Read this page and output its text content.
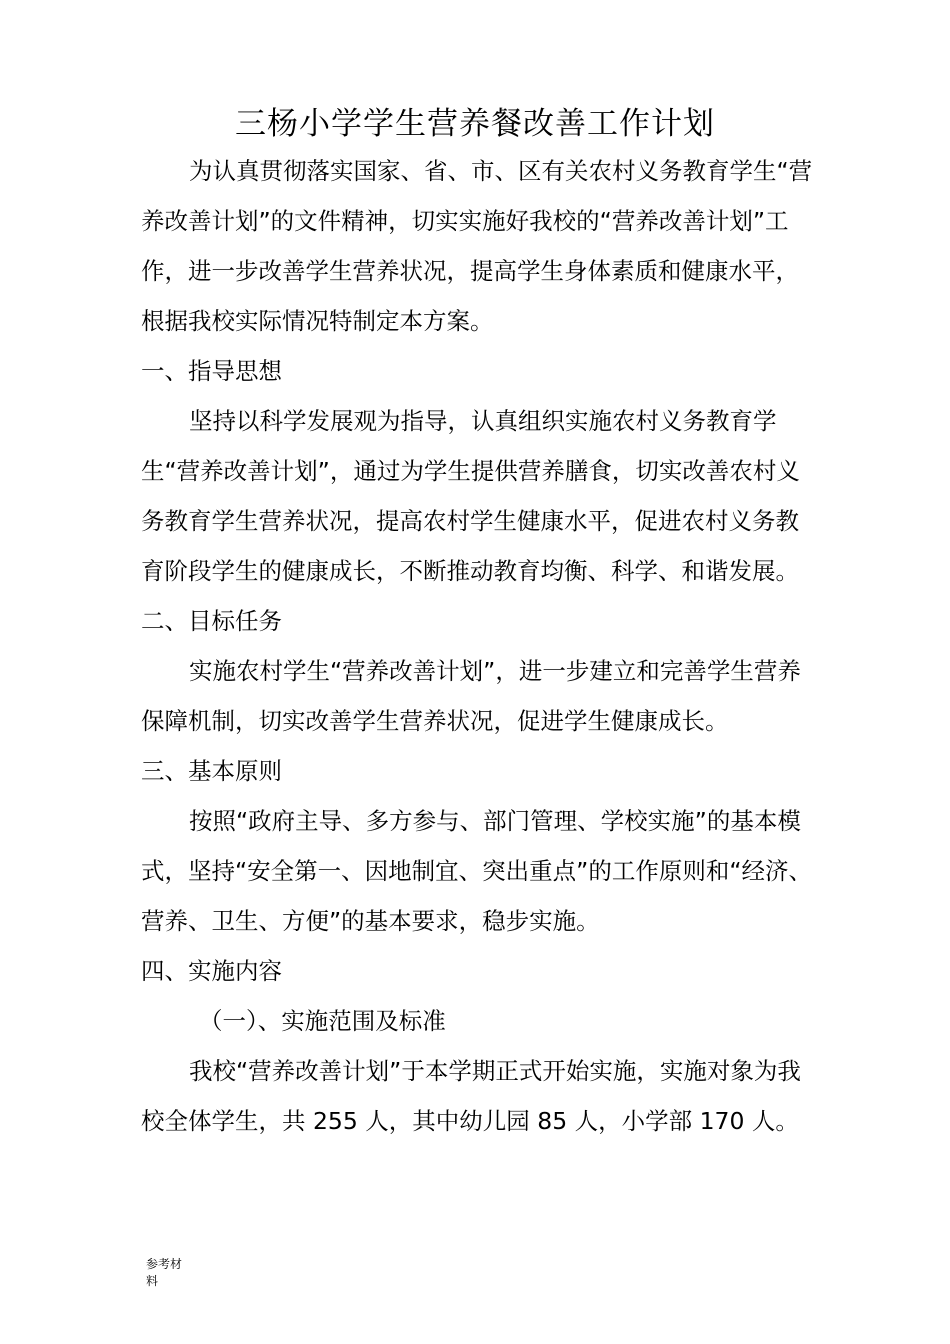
三杨小学学生营养餐改善工作计划

为认真贯彻落实国家、省、市、区有关农村义务教育学生“营养改善计划”的文件精神，切实实施好我校的“营养改善计划”工作，进一步改善学生营养状况，提高学生身体素质和健康水平，根据我校实际情况特制定本方案。

一、指导思想

坚持以科学发展观为指导，认真组织实施农村义务教育学生“营养改善计划”，通过为学生提供营养膳食，切实改善农村义务教育学生营养状况，提高农村学生健康水平，促进农村义务教育阶段学生的健康成长，不断推动教育均衡、科学、和谐发展。

二、目标任务

实施农村学生“营养改善计划”，进一步建立和完善学生营养保障机制，切实改善学生营养状况，促进学生健康成长。

三、基本原则

按照“政府主导、多方参与、部门管理、学校实施”的基本模式，坚持“安全第一、因地制宜、突出重点”的工作原则和“经济、营养、卫生、方便”的基本要求，稳步实施。

四、实施内容

（一）、实施范围及标准

我校“营养改善计划”于本学期正式开始实施，实施对象为我校全体学生，共 255 人，其中幼儿园 85 人，小学部 170 人。

参考材
料
